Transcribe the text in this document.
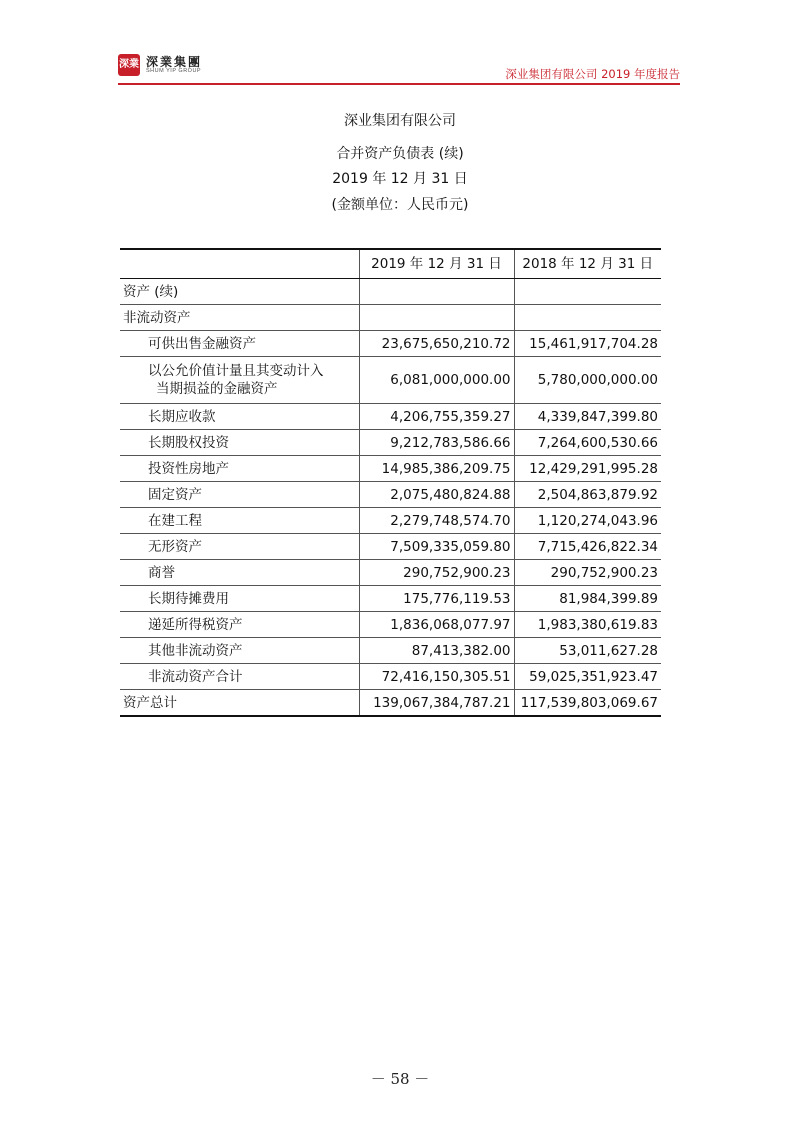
深業 深業集團
SHUM YIP GROUP	深业集团有限公司 2019 年度报告
深业集团有限公司
合并资产负债表 (续)
2019 年 12 月 31 日
(金额单位：人民币元)
	2019 年 12 月 31 日	2018 年 12 月 31 日
资产 (续)		
非流动资产		
可供出售金融资产	23,675,650,210.72	15,461,917,704.28

以公允价值计量且其变动计入
当期损益的金融资产	6,081,000,000.00	5,780,000,000.00
长期应收款	4,206,755,359.27	4,339,847,399.80
长期股权投资	9,212,783,586.66	7,264,600,530.66
投资性房地产	14,985,386,209.75	12,429,291,995.28
固定资产	2,075,480,824.88	2,504,863,879.92
在建工程	2,279,748,574.70	1,120,274,043.96
无形资产	7,509,335,059.80	7,715,426,822.34
商誉	290,752,900.23	290,752,900.23
长期待摊费用	175,776,119.53	81,984,399.89
递延所得税资产	1,836,068,077.97	1,983,380,619.83
其他非流动资产	87,413,382.00	53,011,627.28
非流动资产合计	72,416,150,305.51	59,025,351,923.47
资产总计	139,067,384,787.21	117,539,803,069.67
－ 58 －
